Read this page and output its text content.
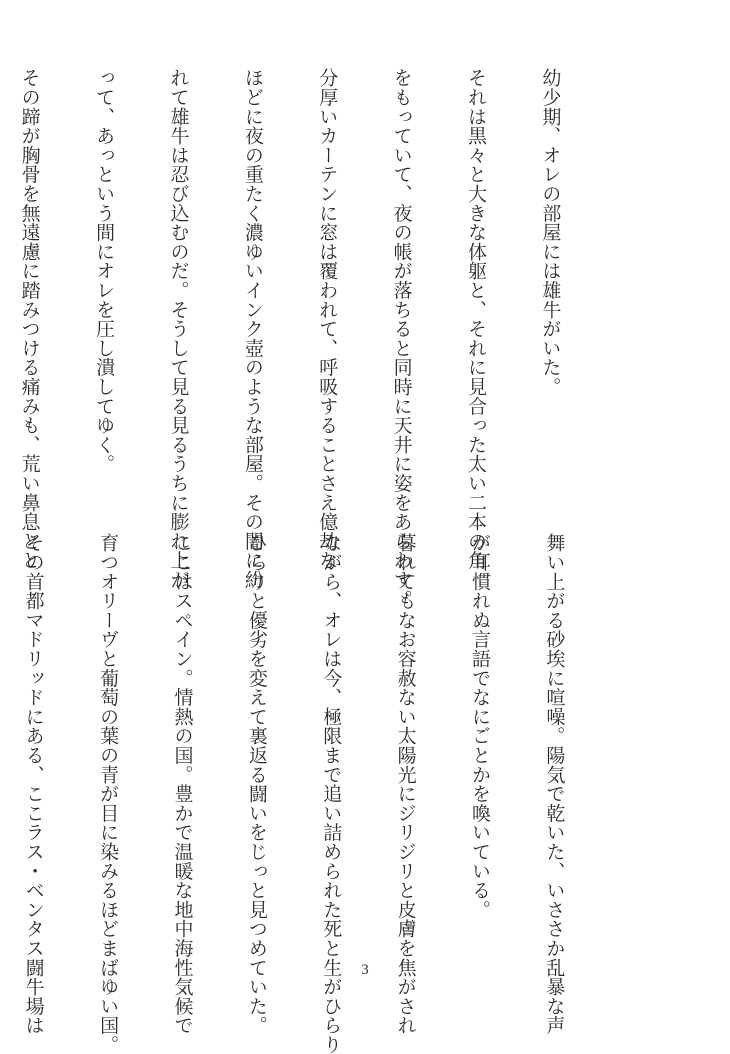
幼少期、オレの部屋には雄牛がいた。

それは黒々と大きな体躯と、それに見合った太い二本の角

をもっていて、夜の帳が落ちると同時に天井に姿をあらわす。

分厚いカーテンに窓は覆われて、呼吸することさえ億劫な

ほどに夜の重たく濃ゆいインク壺のような部屋。その闇に紛

れて雄牛は忍び込むのだ。そうして見る見るうちに膨れ上が

って、あっという間にオレを圧し潰してゆく。

その蹄が胸骨を無遠慮に踏みつける痛みも、荒い鼻息とと

舞い上がる砂埃に喧噪。陽気で乾いた、いささか乱暴な声

が耳慣れぬ言語でなにごとかを喚いている。

暮れてもなお容赦ない太陽光にジリジリと皮膚を焦がされ

ながら、オレは今、極限まで追い詰められた死と生がひらり

ひらりと優劣を変えて裏返る闘いをじっと見つめていた。

ここはスペイン。情熱の国。豊かで温暖な地中海性気候で

育つオリーヴと葡萄の葉の青が目に染みるほどまばゆい国。

その首都マドリッドにある、ここラス・ベンタス闘牛場は

	3
